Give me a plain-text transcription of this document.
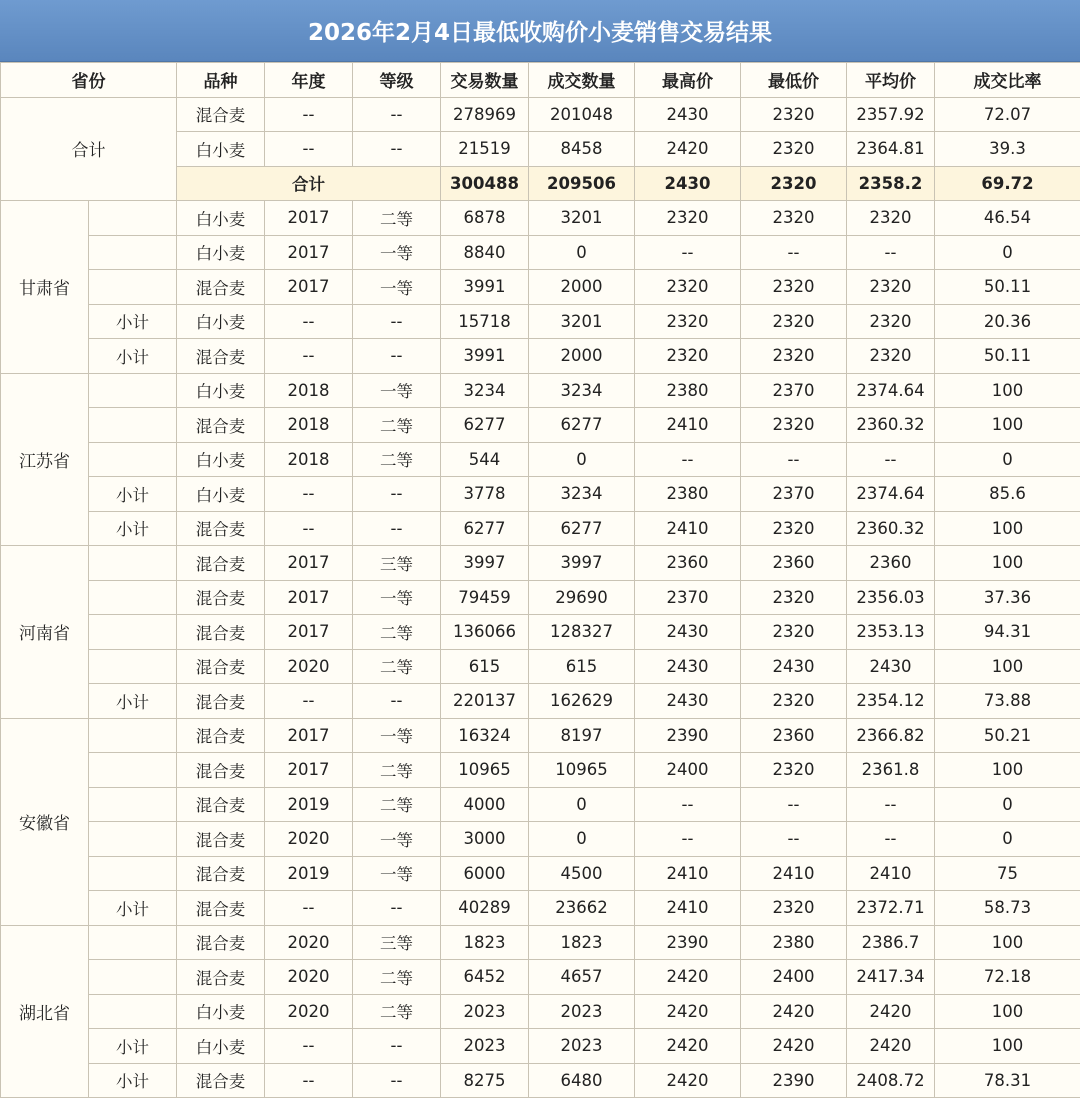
2026年2月4日最低收购价小麦销售交易结果
省份		品种	年度	等级	交易数量	成交数量	最高价	最低价	平均价	成交比率
合计		混合麦	--	--	278969	201048	2430	2320	2357.92	72.07
		白小麦	--	--	21519	8458	2420	2320	2364.81	39.3
		合计			300488	209506	2430	2320	2358.2	69.72
甘肃省		白小麦	2017	二等	6878	3201	2320	2320	2320	46.54
		白小麦	2017	一等	8840	0	--	--	--	0
		混合麦	2017	一等	3991	2000	2320	2320	2320	50.11
	小计	白小麦	--	--	15718	3201	2320	2320	2320	20.36
	小计	混合麦	--	--	3991	2000	2320	2320	2320	50.11
江苏省		白小麦	2018	一等	3234	3234	2380	2370	2374.64	100
		混合麦	2018	二等	6277	6277	2410	2320	2360.32	100
		白小麦	2018	二等	544	0	--	--	--	0
	小计	白小麦	--	--	3778	3234	2380	2370	2374.64	85.6
	小计	混合麦	--	--	6277	6277	2410	2320	2360.32	100
河南省		混合麦	2017	三等	3997	3997	2360	2360	2360	100
		混合麦	2017	一等	79459	29690	2370	2320	2356.03	37.36
		混合麦	2017	二等	136066	128327	2430	2320	2353.13	94.31
		混合麦	2020	二等	615	615	2430	2430	2430	100
	小计	混合麦	--	--	220137	162629	2430	2320	2354.12	73.88
安徽省		混合麦	2017	一等	16324	8197	2390	2360	2366.82	50.21
		混合麦	2017	二等	10965	10965	2400	2320	2361.8	100
		混合麦	2019	二等	4000	0	--	--	--	0
		混合麦	2020	一等	3000	0	--	--	--	0
		混合麦	2019	一等	6000	4500	2410	2410	2410	75
	小计	混合麦	--	--	40289	23662	2410	2320	2372.71	58.73
湖北省		混合麦	2020	三等	1823	1823	2390	2380	2386.7	100
		混合麦	2020	二等	6452	4657	2420	2400	2417.34	72.18
		白小麦	2020	二等	2023	2023	2420	2420	2420	100
	小计	白小麦	--	--	2023	2023	2420	2420	2420	100
	小计	混合麦	--	--	8275	6480	2420	2390	2408.72	78.31
